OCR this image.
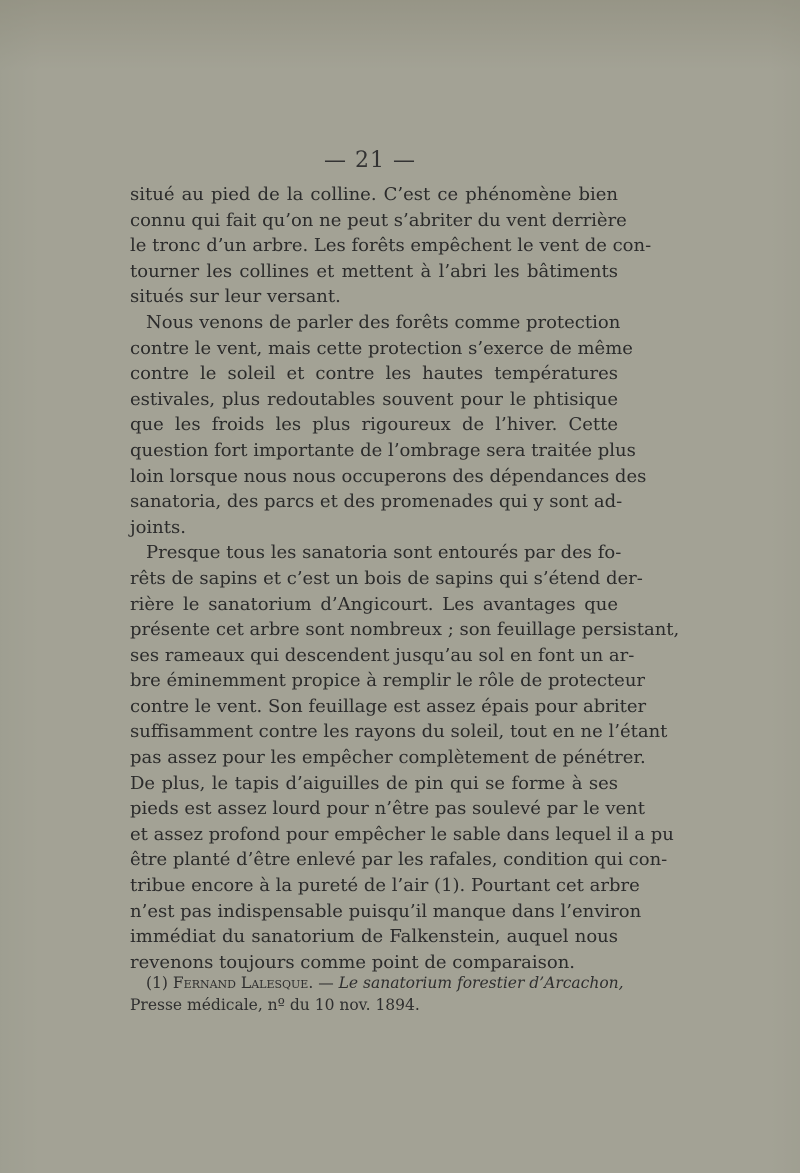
— 21 —
situé au pied de la colline. C’est ce phénomène bien
connu qui fait qu’on ne peut s’abriter du vent derrière
le tronc d’un arbre. Les forêts empêchent le vent de con-
tourner les collines et mettent à l’abri les bâtiments
situés sur leur versant.
Nous venons de parler des forêts comme protection
contre le vent, mais cette protection s’exerce de même
contre le soleil et contre les hautes températures
estivales, plus redoutables souvent pour le phtisique
que les froids les plus rigoureux de l’hiver. Cette
question fort importante de l’ombrage sera traitée plus
loin lorsque nous nous occuperons des dépendances des
sanatoria, des parcs et des promenades qui y sont ad-
joints.
Presque tous les sanatoria sont entourés par des fo-
rêts de sapins et c’est un bois de sapins qui s’étend der-
rière le sanatorium d’Angicourt. Les avantages que
présente cet arbre sont nombreux ; son feuillage persistant,
ses rameaux qui descendent jusqu’au sol en font un ar-
bre éminemment propice à remplir le rôle de protecteur
contre le vent. Son feuillage est assez épais pour abriter
suffisamment contre les rayons du soleil, tout en ne l’étant
pas assez pour les empêcher complètement de pénétrer.
De plus, le tapis d’aiguilles de pin qui se forme à ses
pieds est assez lourd pour n’être pas soulevé par le vent
et assez profond pour empêcher le sable dans lequel il a pu
être planté d’être enlevé par les rafales, condition qui con-
tribue encore à la pureté de l’air (1). Pourtant cet arbre
n’est pas indispensable puisqu’il manque dans l’environ
immédiat du sanatorium de Falkenstein, auquel nous
revenons toujours comme point de comparaison.
(1) Fernand Lalesque. — Le sanatorium forestier d’Arcachon,
Presse médicale, nº du 10 nov. 1894.
